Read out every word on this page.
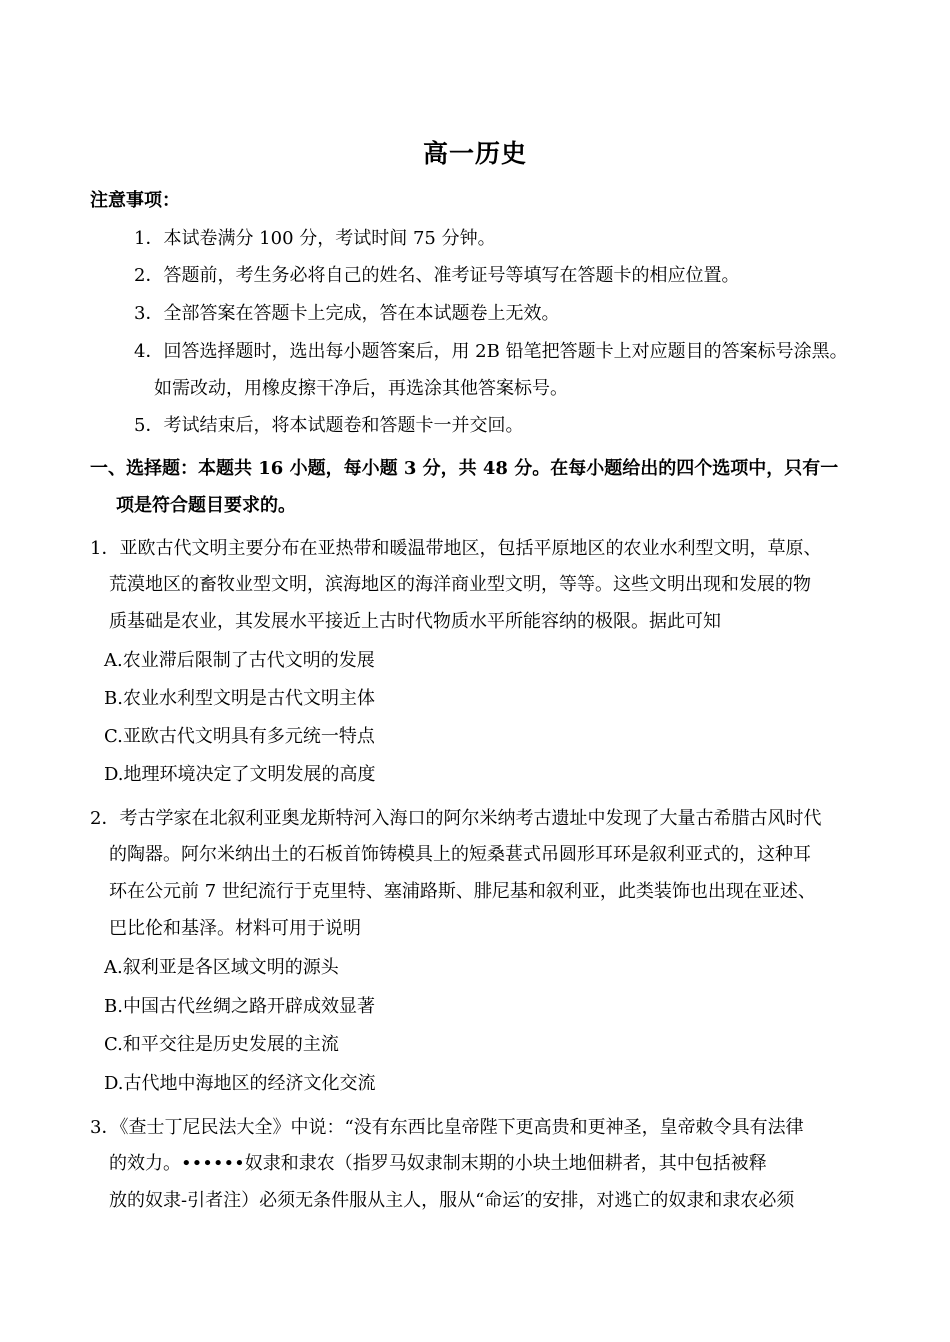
高一历史
注意事项：
1．本试卷满分 100 分，考试时间 75 分钟。
2．答题前，考生务必将自己的姓名、准考证号等填写在答题卡的相应位置。
3．全部答案在答题卡上完成，答在本试题卷上无效。
4．回答选择题时，选出每小题答案后，用 2B 铅笔把答题卡上对应题目的答案标号涂黑。
如需改动，用橡皮擦干净后，再选涂其他答案标号。
5．考试结束后，将本试题卷和答题卡一并交回。
一、选择题：本题共 16 小题，每小题 3 分，共 48 分。在每小题给出的四个选项中，只有一
项是符合题目要求的。
1．亚欧古代文明主要分布在亚热带和暖温带地区，包括平原地区的农业水利型文明，草原、
荒漠地区的畜牧业型文明，滨海地区的海洋商业型文明，等等。这些文明出现和发展的物
质基础是农业，其发展水平接近上古时代物质水平所能容纳的极限。据此可知
A.农业滞后限制了古代文明的发展
B.农业水利型文明是古代文明主体
C.亚欧古代文明具有多元统一特点
D.地理环境决定了文明发展的高度
2．考古学家在北叙利亚奥龙斯特河入海口的阿尔米纳考古遗址中发现了大量古希腊古风时代
的陶器。阿尔米纳出土的石板首饰铸模具上的短桑葚式吊圆形耳环是叙利亚式的，这种耳
环在公元前 7 世纪流行于克里特、塞浦路斯、腓尼基和叙利亚，此类装饰也出现在亚述、
巴比伦和基泽。材料可用于说明
A.叙利亚是各区域文明的源头
B.中国古代丝绸之路开辟成效显著
C.和平交往是历史发展的主流
D.古代地中海地区的经济文化交流
3．《查士丁尼民法大全》中说：“没有东西比皇帝陛下更高贵和更神圣，皇帝敕令具有法律
的效力。••••••奴隶和隶农（指罗马奴隶制末期的小块土地佃耕者，其中包括被释
放的奴隶-引者注）必须无条件服从主人，服从“命运′的安排，对逃亡的奴隶和隶农必须
